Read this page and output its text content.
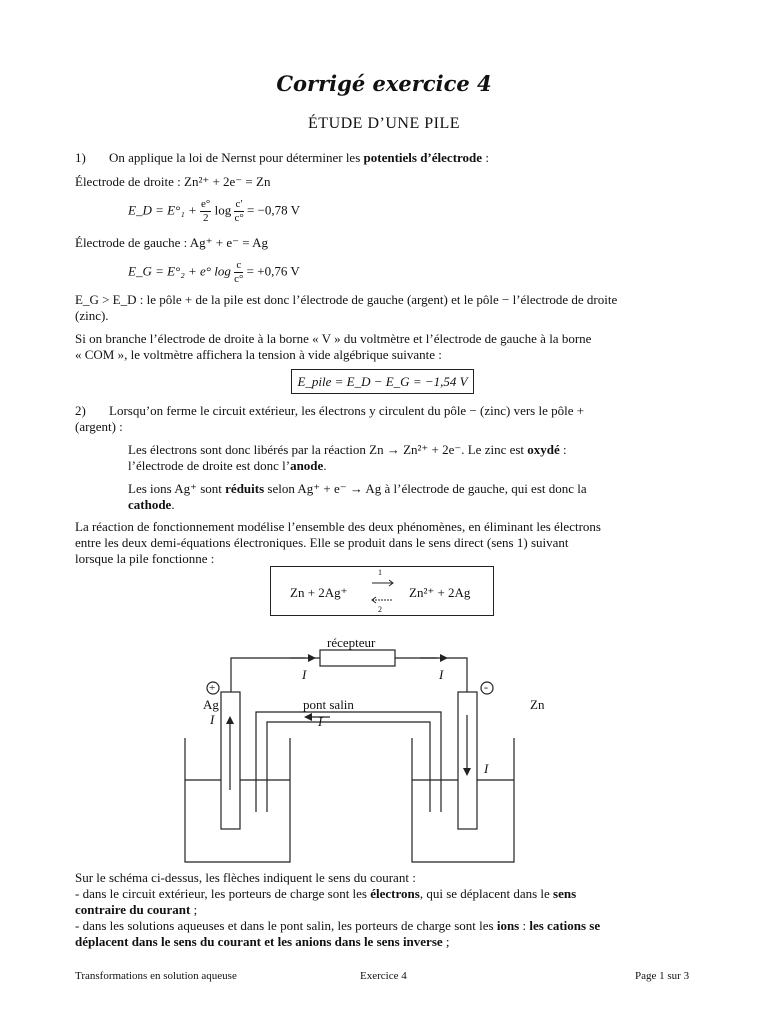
Corrigé exercice 4
ÉTUDE D’UNE PILE
1) On applique la loi de Nernst pour déterminer les potentiels d’électrode :
Électrode de droite : Zn²⁺ + 2e⁻ = Zn
E_D = $E^\circ_1 + \frac{e^\circ}{2}$ $\log \frac{c'}{c^\circ} = -0,78$ V
Électrode de gauche : Ag⁺ + e⁻ = Ag
E_G = E°₂ + e° $\log \frac{c}{c^\circ} = +0,76$ V
E_G > E_D : le pôle + de la pile est donc l’électrode de gauche (argent) et le pôle − l’électrode de droite
(zinc).
Si on branche l’électrode de droite à la borne « V » du voltmètre et l’électrode de gauche à la borne
« COM », le voltmètre affichera la tension à vide algébrique suivante :
E_pile = E_D − E_G = −1,54 V
2) Lorsqu’on ferme le circuit extérieur, les électrons y circulent du pôle − (zinc) vers le pôle +
(argent) :
Les électrons sont donc libérés par la réaction Zn → Zn²⁺ + 2e⁻. Le zinc est oxydé :
l’électrode de droite est donc l’anode.
Les ions Ag⁺ sont réduits selon Ag⁺ + e⁻ → Ag à l’électrode de gauche, qui est donc la
cathode.
La réaction de fonctionnement modélise l’ensemble des deux phénomènes, en éliminant les électrons
entre les deux demi-équations électroniques. Elle se produit dans le sens direct (sens 1) suivant
lorsque la pile fonctionne :
Zn + 2Ag⁺	Zn²⁺ + 2Ag
1
2
récepteur
I	I
+	-
Ag	Zn
pont salin
I	I
I
Sur le schéma ci-dessus, les flèches indiquent le sens du courant :
- dans le circuit extérieur, les porteurs de charge sont les électrons, qui se déplacent dans le sens
contraire du courant ;
- dans les solutions aqueuses et dans le pont salin, les porteurs de charge sont les ions : les cations se
déplacent dans le sens du courant et les anions dans le sens inverse ;
Transformations en solution aqueuse	Exercice 4	Page 1 sur 3
